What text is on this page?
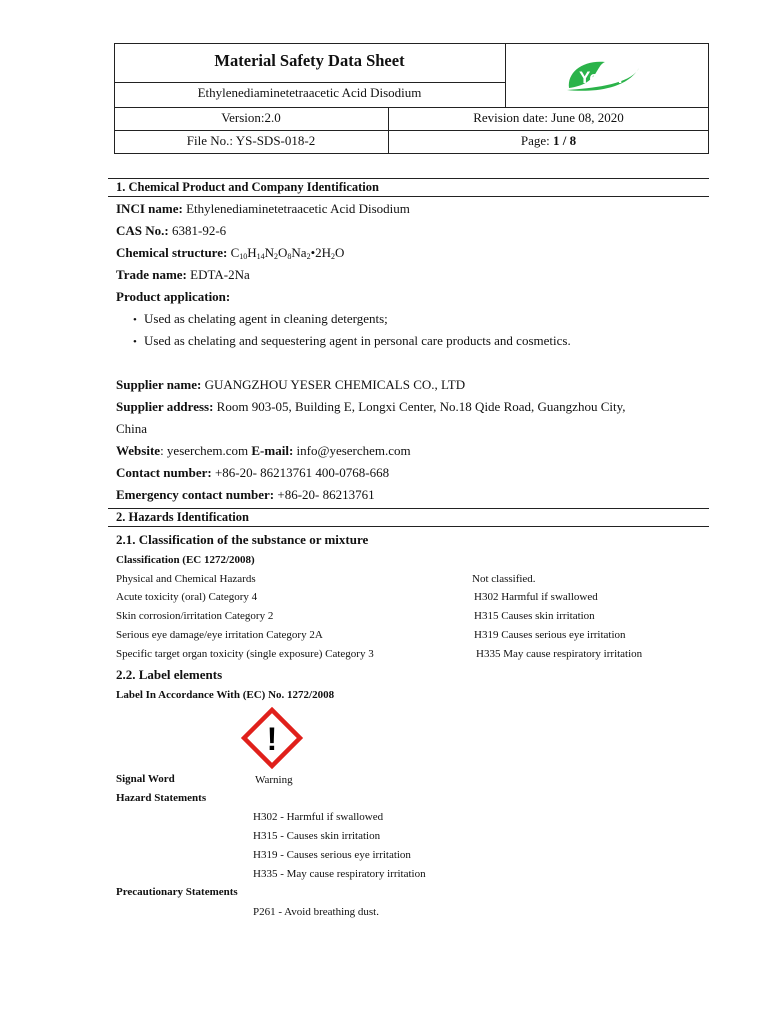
Material Safety Data Sheet
Ethylenediaminetetraacetic Acid Disodium
Version:2.0	Revision date: June 08, 2020
File No.: YS-SDS-018-2	Page: 1 / 8
Yeser
1. Chemical Product and Company Identification
INCI name: Ethylenediaminetetraacetic Acid Disodium
CAS No.: 6381-92-6
Chemical structure: $C_{10}H_{14}N_2O_8Na_2•2H_2O$
Trade name: EDTA-2Na
Product application:
• Used as chelating agent in cleaning detergents;
• Used as chelating and sequestering agent in personal care products and cosmetics.
Supplier name: GUANGZHOU YESER CHEMICALS CO., LTD
Supplier address: Room 903-05, Building E, Longxi Center, No.18 Qide Road, Guangzhou City,
China
Website: yeserchem.com E-mail: info@yeserchem.com
Contact number: +86-20- 86213761 400-0768-668
Emergency contact number: +86-20- 86213761
2. Hazards Identification
2.1. Classification of the substance or mixture
Classification (EC 1272/2008)
Physical and Chemical Hazards	Not classified.
Acute toxicity (oral) Category 4	H302 Harmful if swallowed
Skin corrosion/irritation Category 2	H315 Causes skin irritation
Serious eye damage/eye irritation Category 2A	H319 Causes serious eye irritation
Specific target organ toxicity (single exposure) Category 3	H335 May cause respiratory irritation
2.2. Label elements
Label In Accordance With (EC) No. 1272/2008
!
Signal Word	Warning
Hazard Statements
H302 - Harmful if swallowed
H315 - Causes skin irritation
H319 - Causes serious eye irritation
H335 - May cause respiratory irritation
Precautionary Statements
P261 - Avoid breathing dust.
